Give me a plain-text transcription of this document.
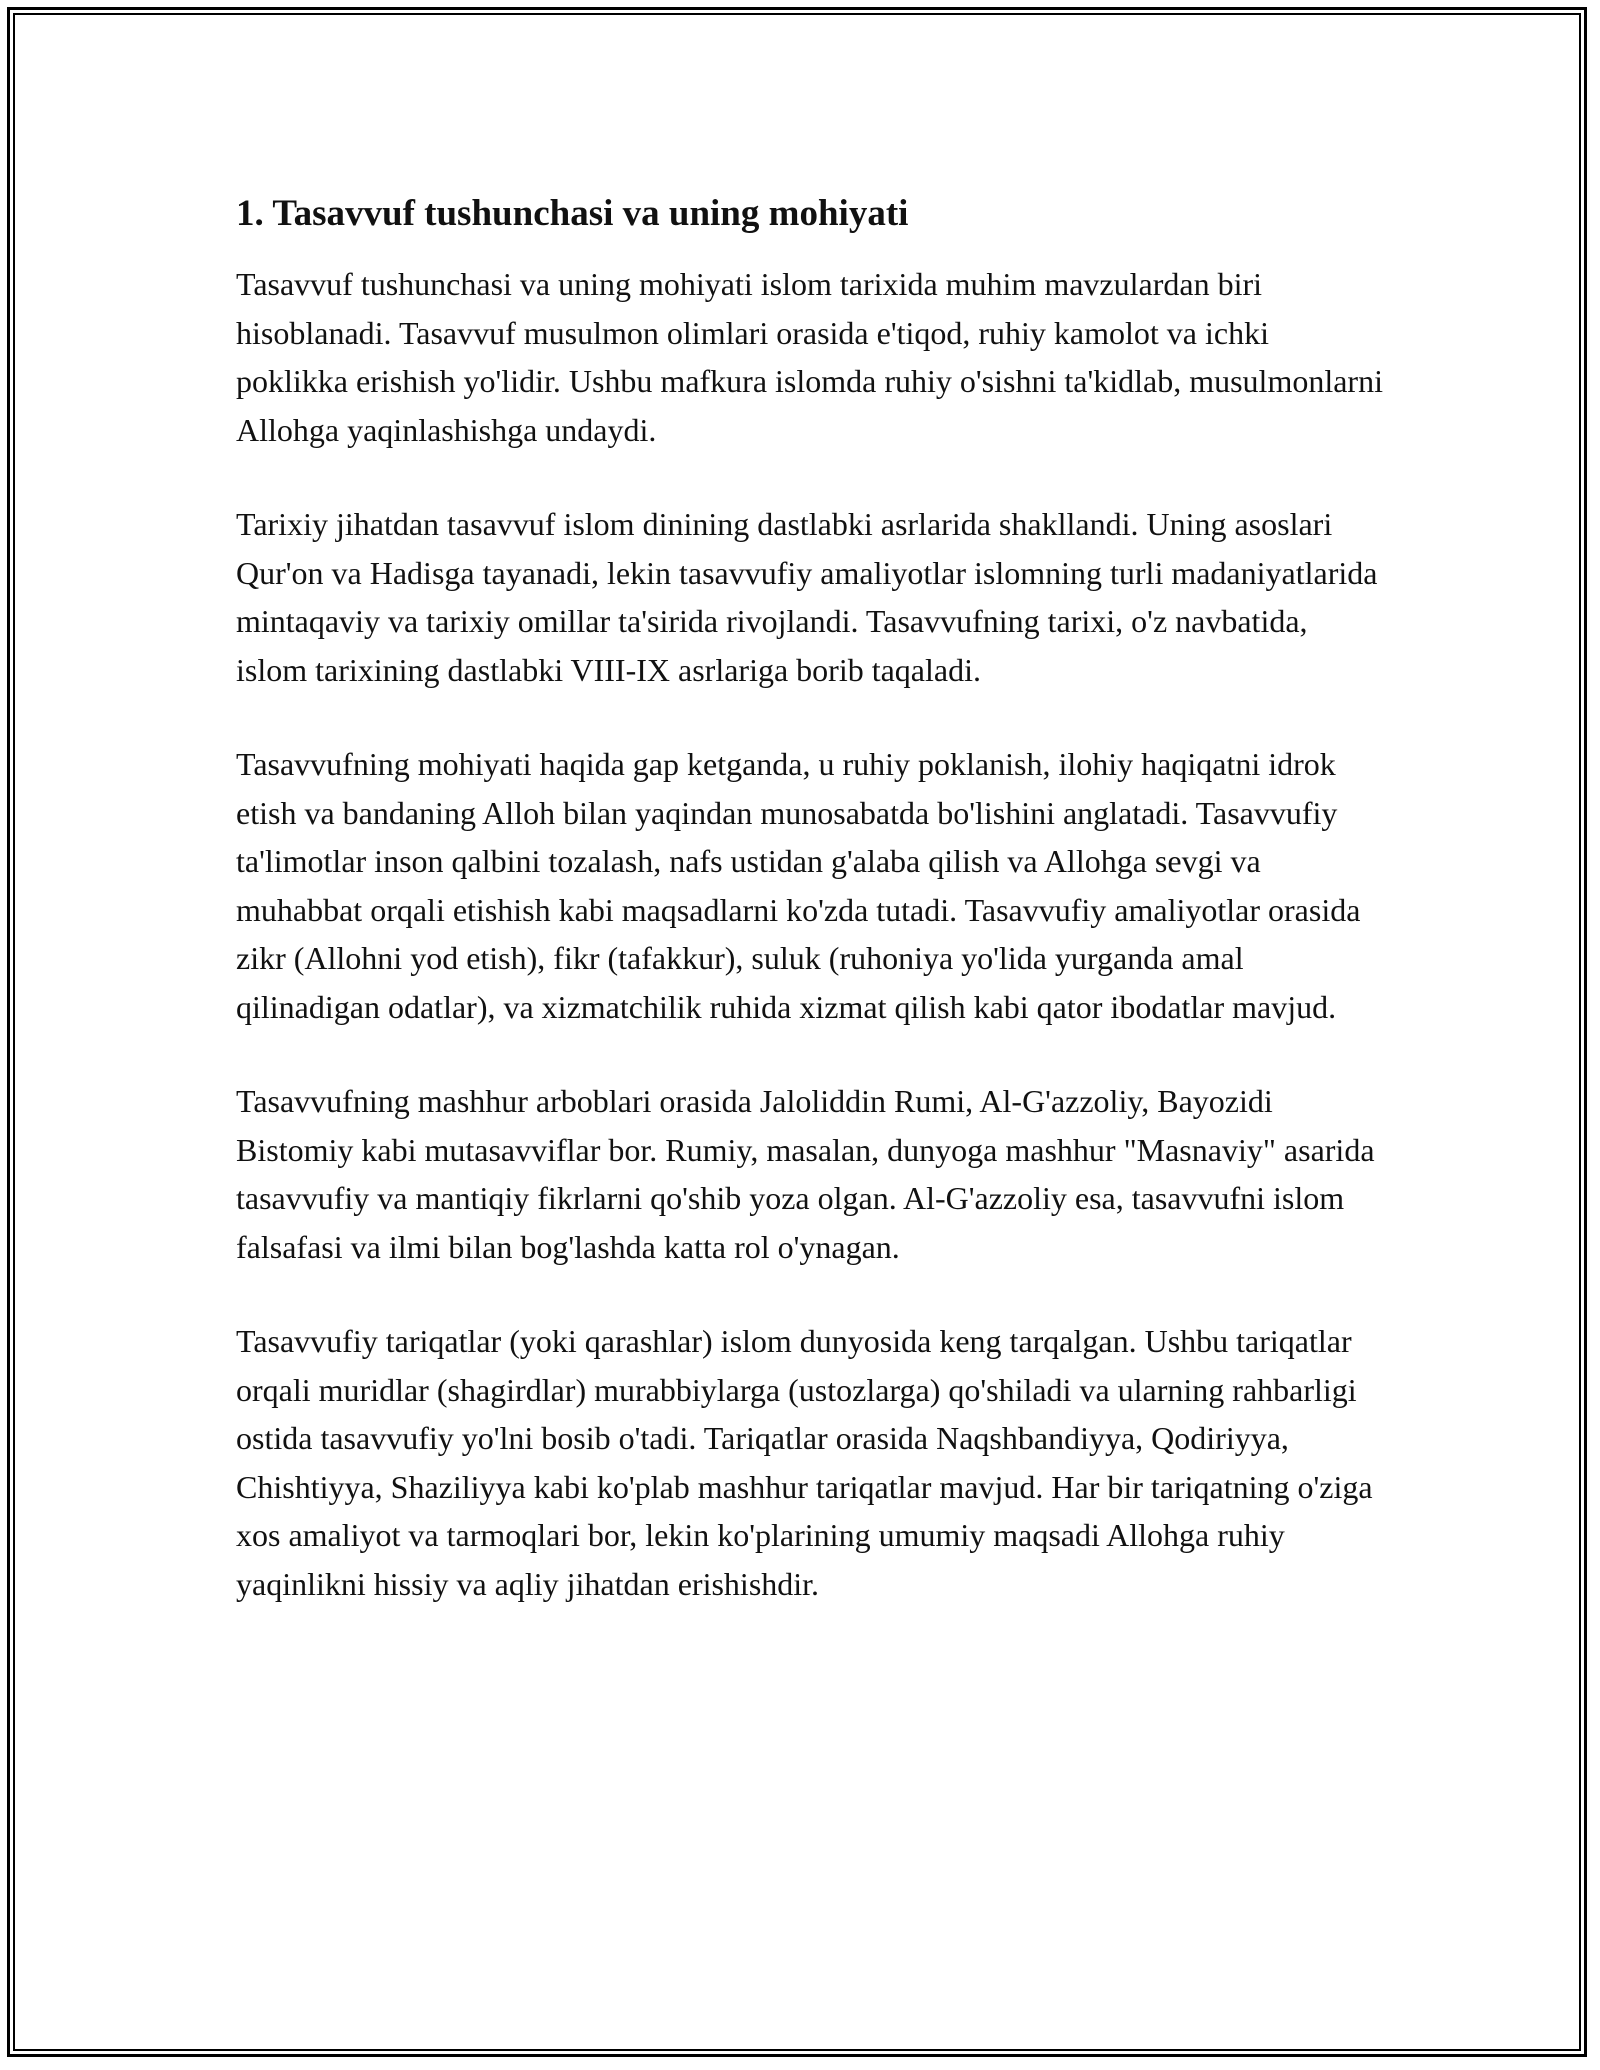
1. Tasavvuf tushunchasi va uning mohiyati

Tasavvuf tushunchasi va uning mohiyati islom tarixida muhim mavzulardan biri hisoblanadi. Tasavvuf musulmon olimlari orasida e'tiqod, ruhiy kamolot va ichki poklikka erishish yo'lidir. Ushbu mafkura islomda ruhiy o'sishni ta'kidlab, musulmonlarni Allohga yaqinlashishga undaydi.

Tarixiy jihatdan tasavvuf islom dinining dastlabki asrlarida shakllandi. Uning asoslari Qur'on va Hadisga tayanadi, lekin tasavvufiy amaliyotlar islomning turli madaniyatlarida mintaqaviy va tarixiy omillar ta'sirida rivojlandi. Tasavvufning tarixi, o'z navbatida, islom tarixining dastlabki VIII-IX asrlariga borib taqaladi.

Tasavvufning mohiyati haqida gap ketganda, u ruhiy poklanish, ilohiy haqiqatni idrok etish va bandaning Alloh bilan yaqindan munosabatda bo'lishini anglatadi. Tasavvufiy ta'limotlar inson qalbini tozalash, nafs ustidan g'alaba qilish va Allohga sevgi va muhabbat orqali etishish kabi maqsadlarni ko'zda tutadi. Tasavvufiy amaliyotlar orasida zikr (Allohni yod etish), fikr (tafakkur), suluk (ruhoniya yo'lida yurganda amal qilinadigan odatlar), va xizmatchilik ruhida xizmat qilish kabi qator ibodatlar mavjud.

Tasavvufning mashhur arboblari orasida Jaloliddin Rumi, Al-G'azzoliy, Bayozidi Bistomiy kabi mutasavviflar bor. Rumiy, masalan, dunyoga mashhur "Masnaviy" asarida tasavvufiy va mantiqiy fikrlarni qo'shib yoza olgan. Al-G'azzoliy esa, tasavvufni islom falsafasi va ilmi bilan bog'lashda katta rol o'ynagan.

Tasavvufiy tariqatlar (yoki qarashlar) islom dunyosida keng tarqalgan. Ushbu tariqatlar orqali muridlar (shagirdlar) murabbiylarga (ustozlarga) qo'shiladi va ularning rahbarligi ostida tasavvufiy yo'lni bosib o'tadi. Tariqatlar orasida Naqshbandiyya, Qodiriyya, Chishtiyya, Shaziliyya kabi ko'plab mashhur tariqatlar mavjud. Har bir tariqatning o'ziga xos amaliyot va tarmoqlari bor, lekin ko'plarining umumiy maqsadi Allohga ruhiy yaqinlikni hissiy va aqliy jihatdan erishishdir.
